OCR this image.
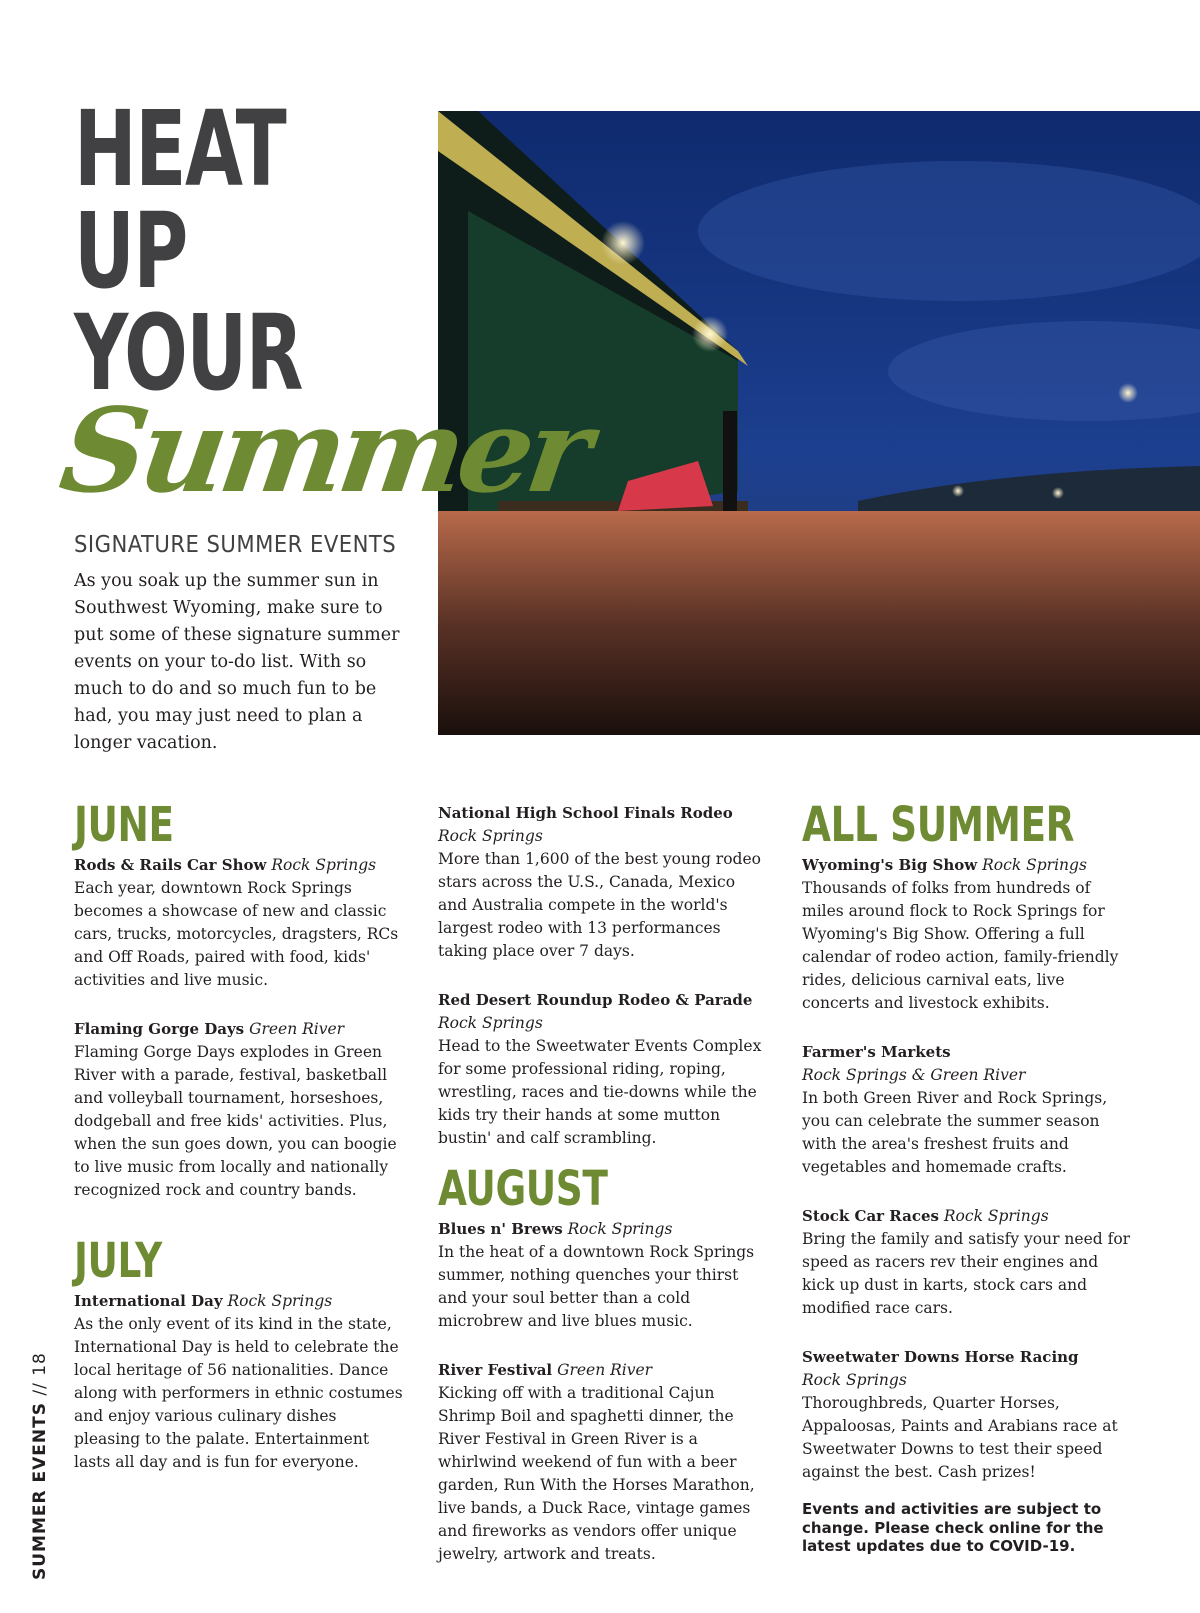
HEAT
UP
YOUR
Summer
SIGNATURE SUMMER EVENTS

As you soak up the summer sun in Southwest Wyoming, make sure to put some of these signature summer events on your to-do list. With so much to do and so much fun to be had, you may just need to plan a longer vacation.

JUNE
Rods & Rails Car Show Rock Springs
Each year, downtown Rock Springs becomes a showcase of new and classic cars, trucks, motorcycles, dragsters, RCs and Off Roads, paired with food, kids' activities and live music.
Flaming Gorge Days Green River
Flaming Gorge Days explodes in Green River with a parade, festival, basketball and volleyball tournament, horseshoes, dodgeball and free kids' activities. Plus, when the sun goes down, you can boogie to live music from locally and nationally recognized rock and country bands.
JULY
International Day Rock Springs
As the only event of its kind in the state, International Day is held to celebrate the local heritage of 56 nationalities. Dance along with performers in ethnic costumes and enjoy various culinary dishes pleasing to the palate. Entertainment lasts all day and is fun for everyone.
National High School Finals Rodeo
Rock Springs
More than 1,600 of the best young rodeo stars across the U.S., Canada, Mexico and Australia compete in the world's largest rodeo with 13 performances taking place over 7 days.
Red Desert Roundup Rodeo & Parade
Rock Springs
Head to the Sweetwater Events Complex for some professional riding, roping, wrestling, races and tie-downs while the kids try their hands at some mutton bustin' and calf scrambling.
AUGUST
Blues n' Brews Rock Springs
In the heat of a downtown Rock Springs summer, nothing quenches your thirst and your soul better than a cold microbrew and live blues music.
River Festival Green River
Kicking off with a traditional Cajun Shrimp Boil and spaghetti dinner, the River Festival in Green River is a whirlwind weekend of fun with a beer garden, Run With the Horses Marathon, live bands, a Duck Race, vintage games and fireworks as vendors offer unique jewelry, artwork and treats.
ALL SUMMER
Wyoming's Big Show Rock Springs
Thousands of folks from hundreds of miles around flock to Rock Springs for Wyoming's Big Show. Offering a full calendar of rodeo action, family-friendly rides, delicious carnival eats, live concerts and livestock exhibits.
Farmer's Markets
Rock Springs & Green River
In both Green River and Rock Springs, you can celebrate the summer season with the area's freshest fruits and vegetables and homemade crafts.
Stock Car Races Rock Springs
Bring the family and satisfy your need for speed as racers rev their engines and kick up dust in karts, stock cars and modified race cars.
Sweetwater Downs Horse Racing
Rock Springs
Thoroughbreds, Quarter Horses, Appaloosas, Paints and Arabians race at Sweetwater Downs to test their speed against the best. Cash prizes!
Events and activities are subject to change. Please check online for the latest updates due to COVID-19.
SUMMER EVENTS // 18
